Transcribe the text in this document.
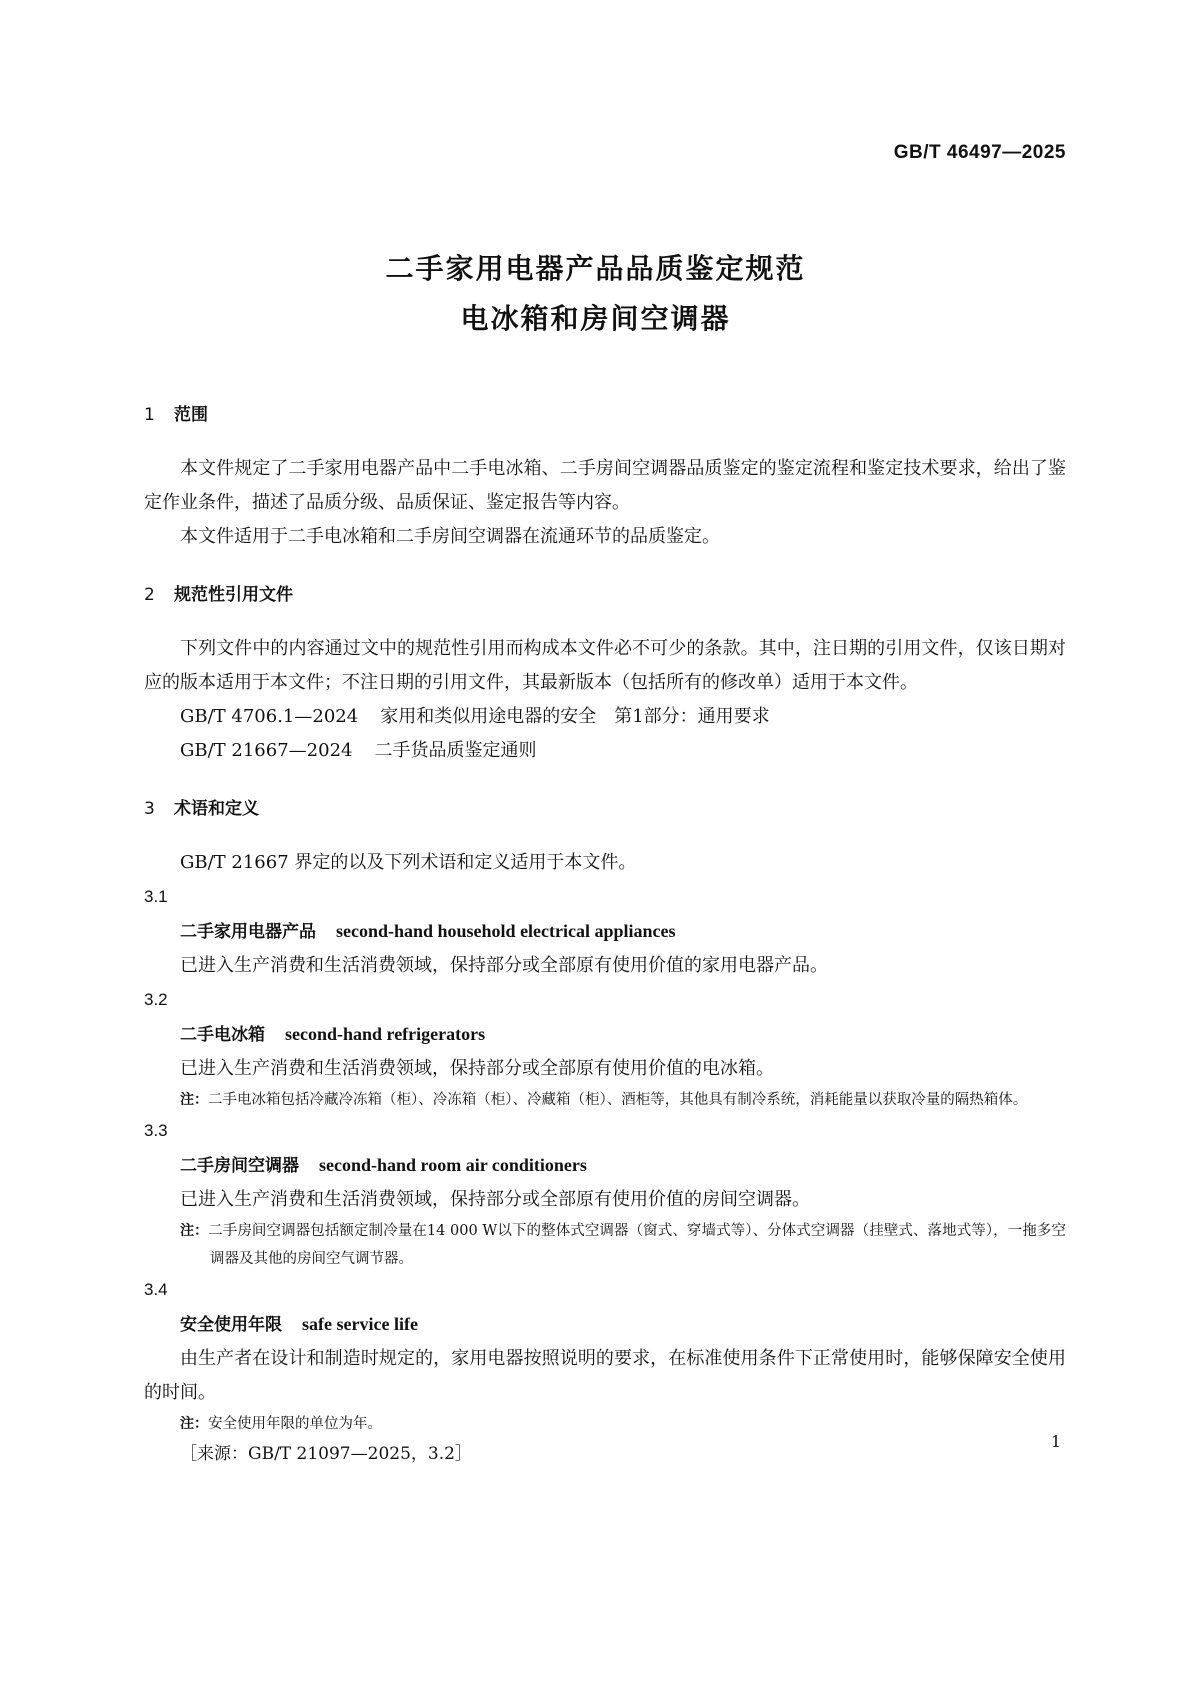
GB/T 46497—2025
二手家用电器产品品质鉴定规范
电冰箱和房间空调器
1 范围
本文件规定了二手家用电器产品中二手电冰箱、二手房间空调器品质鉴定的鉴定流程和鉴定技术要求，给出了鉴定作业条件，描述了品质分级、品质保证、鉴定报告等内容。
本文件适用于二手电冰箱和二手房间空调器在流通环节的品质鉴定。
2 规范性引用文件
下列文件中的内容通过文中的规范性引用而构成本文件必不可少的条款。其中，注日期的引用文件，仅该日期对应的版本适用于本文件；不注日期的引用文件，其最新版本（包括所有的修改单）适用于本文件。
GB/T 4706.1—2024 家用和类似用途电器的安全　第1部分：通用要求
GB/T 21667—2024 二手货品质鉴定通则
3 术语和定义
GB/T 21667 界定的以及下列术语和定义适用于本文件。
3.1
二手家用电器产品 second-hand household electrical appliances
已进入生产消费和生活消费领域，保持部分或全部原有使用价值的家用电器产品。
3.2
二手电冰箱 second-hand refrigerators
已进入生产消费和生活消费领域，保持部分或全部原有使用价值的电冰箱。
注：二手电冰箱包括冷藏冷冻箱（柜）、冷冻箱（柜）、冷藏箱（柜）、酒柜等，其他具有制冷系统，消耗能量以获取冷量的隔热箱体。
3.3
二手房间空调器 second-hand room air conditioners
已进入生产消费和生活消费领域，保持部分或全部原有使用价值的房间空调器。
注：二手房间空调器包括额定制冷量在14 000 W以下的整体式空调器（窗式、穿墙式等）、分体式空调器（挂壁式、落地式等），一拖多空调器及其他的房间空气调节器。
3.4
安全使用年限 safe service life
由生产者在设计和制造时规定的，家用电器按照说明的要求，在标准使用条件下正常使用时，能够保障安全使用的时间。
注：安全使用年限的单位为年。
［来源：GB/T 21097—2025，3.2］
1
